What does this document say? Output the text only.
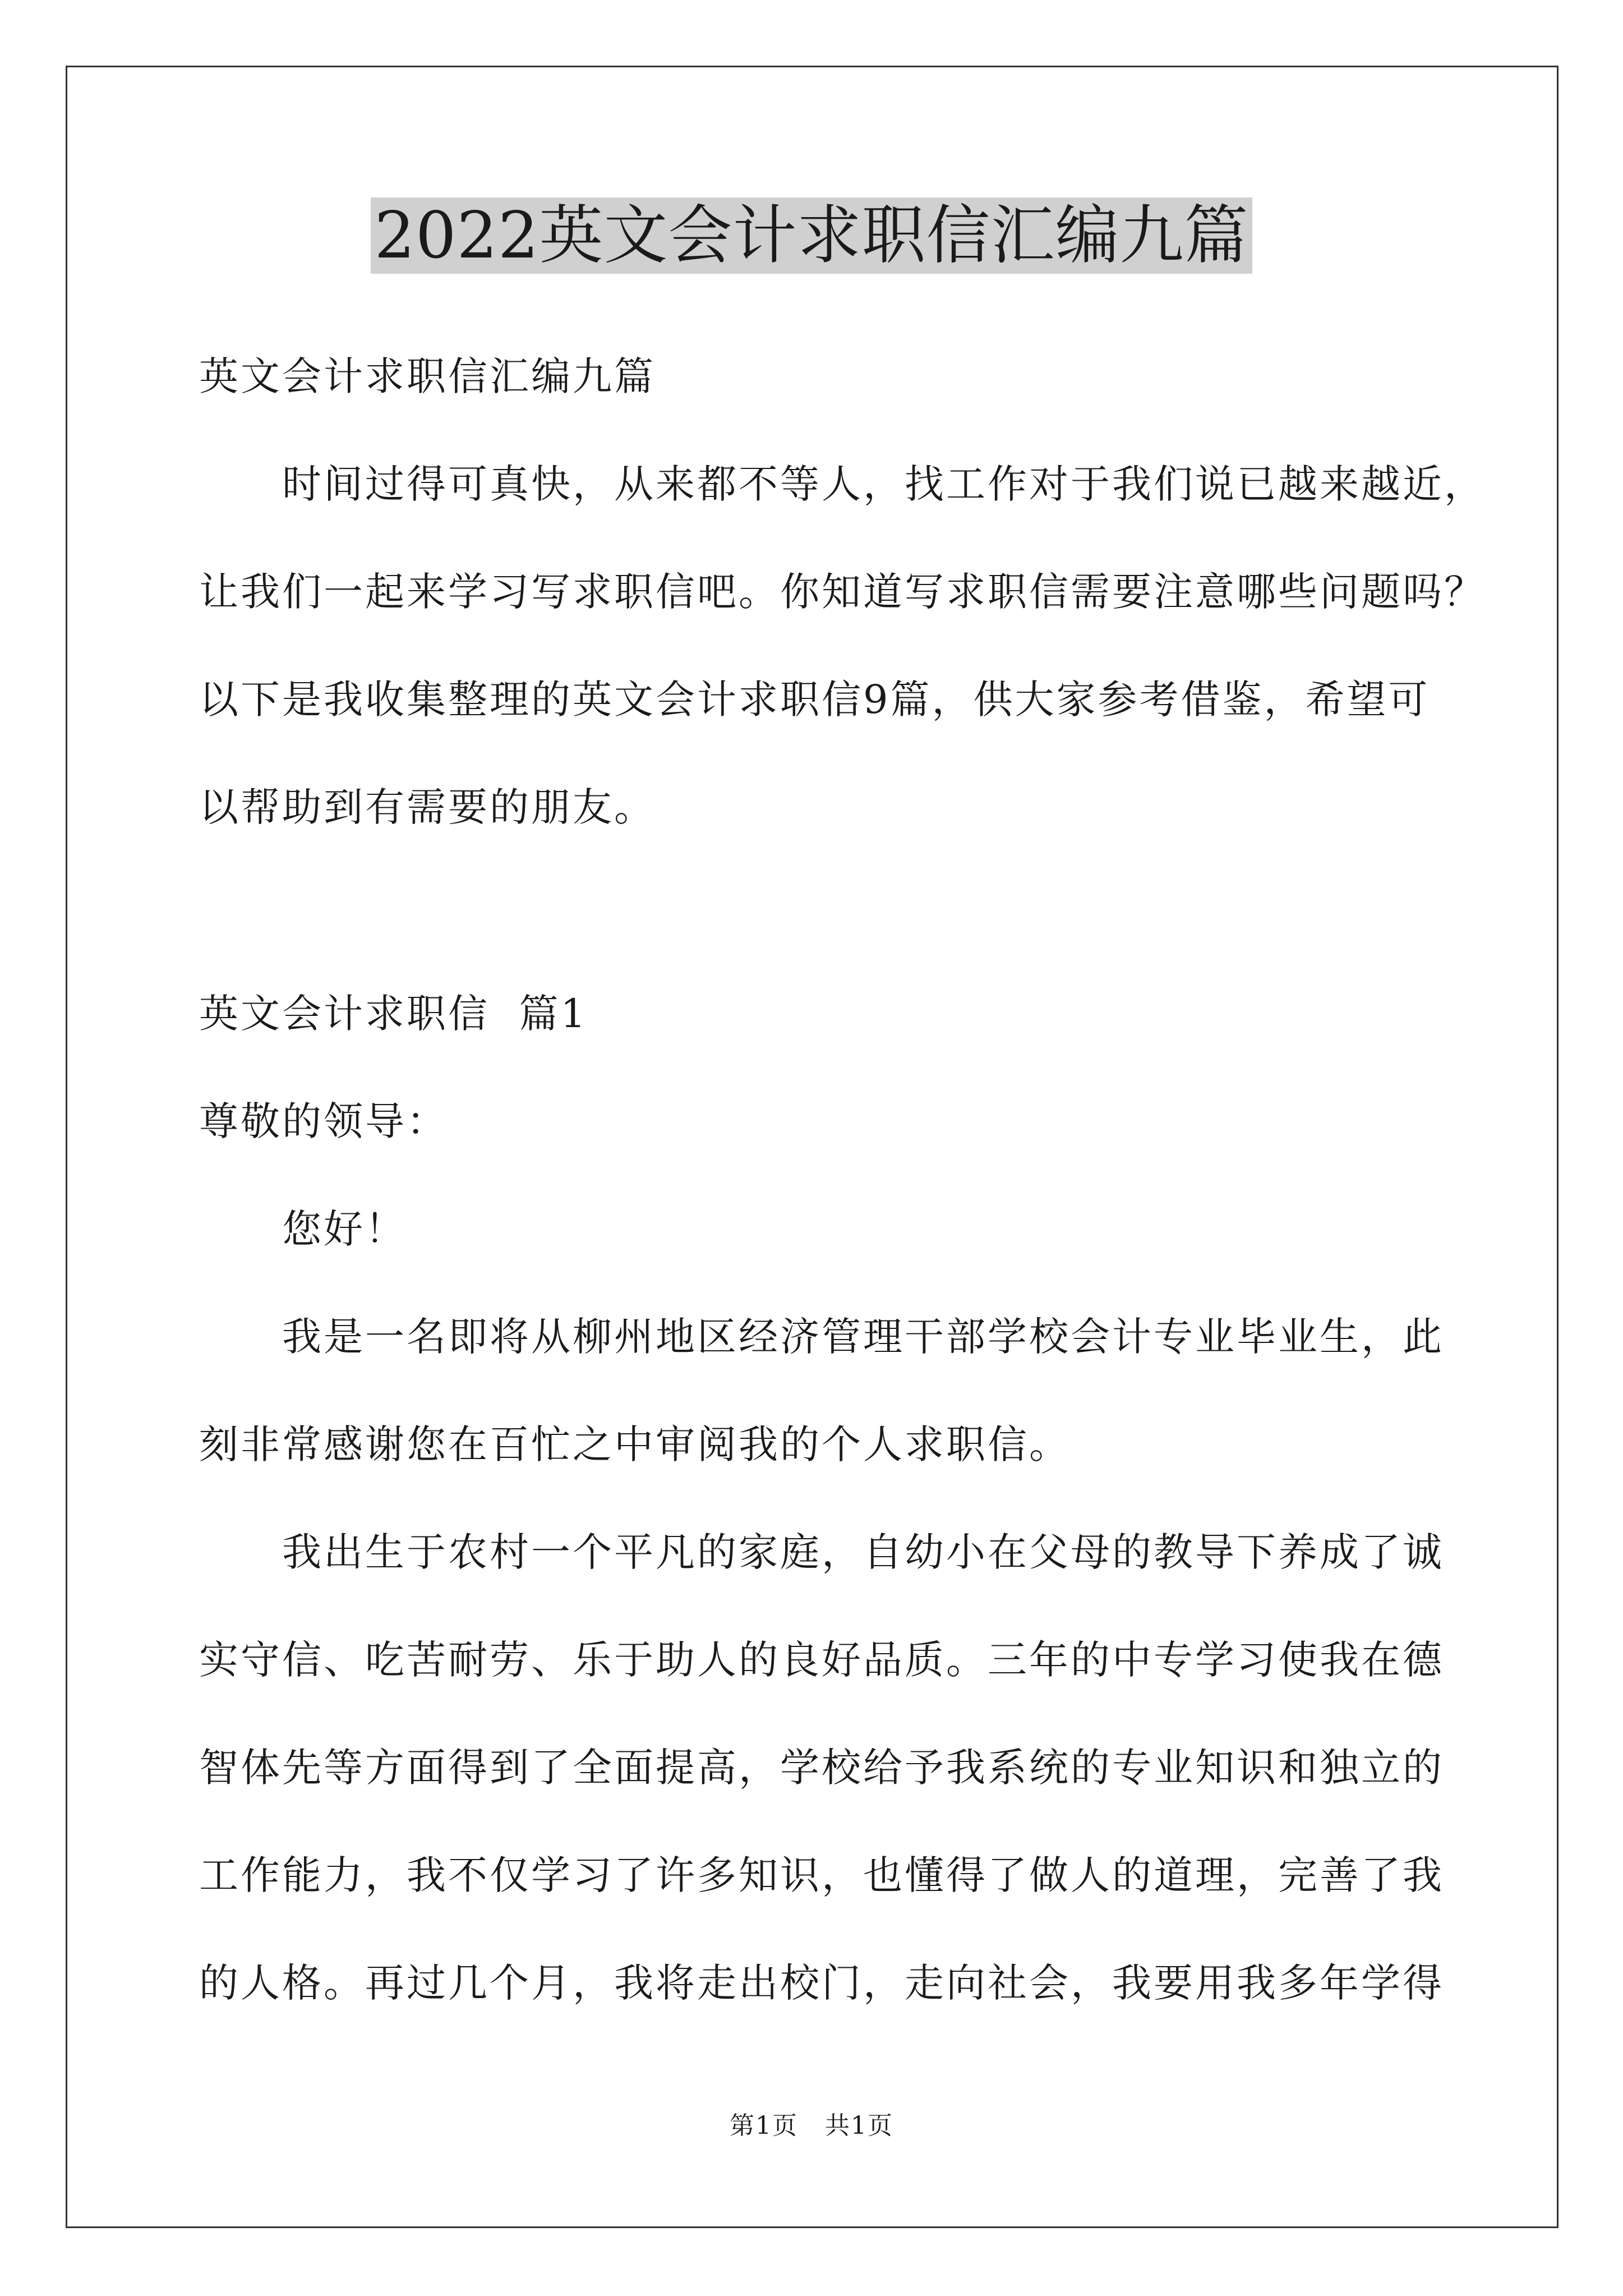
2022英文会计求职信汇编九篇
英文会计求职信汇编九篇
时间过得可真快，从来都不等人，找工作对于我们说已越来越近，
让我们一起来学习写求职信吧。你知道写求职信需要注意哪些问题吗？
以下是我收集整理的英文会计求职信9篇，供大家参考借鉴，希望可
以帮助到有需要的朋友。
英文会计求职信  篇1
尊敬的领导：
您好！
我是一名即将从柳州地区经济管理干部学校会计专业毕业生，此
刻非常感谢您在百忙之中审阅我的个人求职信。
我出生于农村一个平凡的家庭，自幼小在父母的教导下养成了诚
实守信、吃苦耐劳、乐于助人的良好品质。三年的中专学习使我在德
智体先等方面得到了全面提高，学校给予我系统的专业知识和独立的
工作能力，我不仅学习了许多知识，也懂得了做人的道理，完善了我
的人格。再过几个月，我将走出校门，走向社会，我要用我多年学得
第1页   共1页
